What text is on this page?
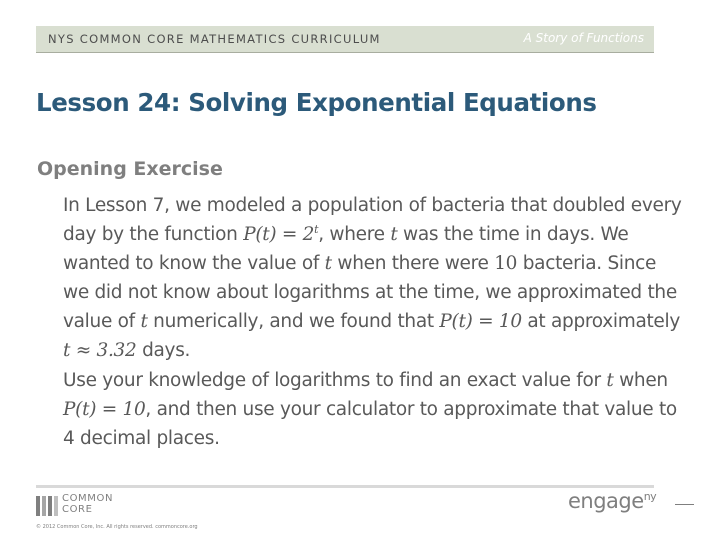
NYS COMMON CORE MATHEMATICS CURRICULUM	A Story of Functions
Lesson 24: Solving Exponential Equations
Opening Exercise

In Lesson 7, we modeled a population of bacteria that doubled every day by the function $P(t) = 2^t$, where t was the time in days. We wanted to know the value of t when there were 10 bacteria. Since we did not know about logarithms at the time, we approximated the value of t numerically, and we found that P(t) = 10 at approximately t ≈ 3.32 days.

Use your knowledge of logarithms to find an exact value for t when P(t) = 10, and then use your calculator to approximate that value to 4 decimal places.

COMMON
CORE
© 2012 Common Core, Inc. All rights reserved. commoncore.org
engage$^{ny}$
